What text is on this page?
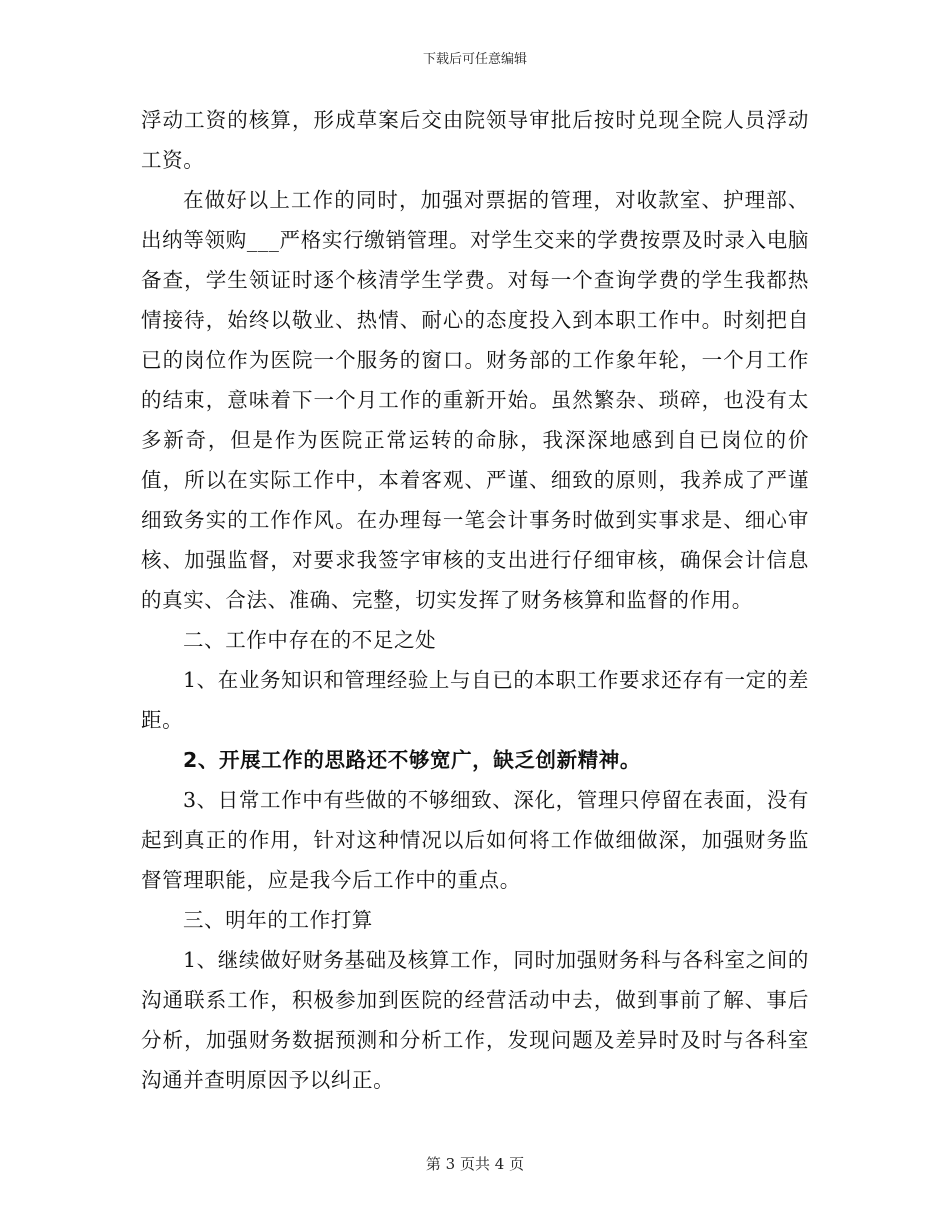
下载后可任意编辑

浮动工资的核算，形成草案后交由院领导审批后按时兑现全院人员浮动工资。

在做好以上工作的同时，加强对票据的管理，对收款室、护理部、出纳等领购___严格实行缴销管理。对学生交来的学费按票及时录入电脑备查，学生领证时逐个核清学生学费。对每一个查询学费的学生我都热情接待，始终以敬业、热情、耐心的态度投入到本职工作中。时刻把自已的岗位作为医院一个服务的窗口。财务部的工作象年轮，一个月工作的结束，意味着下一个月工作的重新开始。虽然繁杂、琐碎，也没有太多新奇，但是作为医院正常运转的命脉，我深深地感到自已岗位的价值，所以在实际工作中，本着客观、严谨、细致的原则，我养成了严谨细致务实的工作作风。在办理每一笔会计事务时做到实事求是、细心审核、加强监督，对要求我签字审核的支出进行仔细审核，确保会计信息的真实、合法、准确、完整，切实发挥了财务核算和监督的作用。

二、工作中存在的不足之处

1、在业务知识和管理经验上与自已的本职工作要求还存有一定的差距。

2、开展工作的思路还不够宽广，缺乏创新精神。

3、日常工作中有些做的不够细致、深化，管理只停留在表面，没有起到真正的作用，针对这种情况以后如何将工作做细做深，加强财务监督管理职能，应是我今后工作中的重点。

三、明年的工作打算

1、继续做好财务基础及核算工作，同时加强财务科与各科室之间的沟通联系工作，积极参加到医院的经营活动中去，做到事前了解、事后分析，加强财务数据预测和分析工作，发现问题及差异时及时与各科室沟通并查明原因予以纠正。

第 3 页共 4 页
